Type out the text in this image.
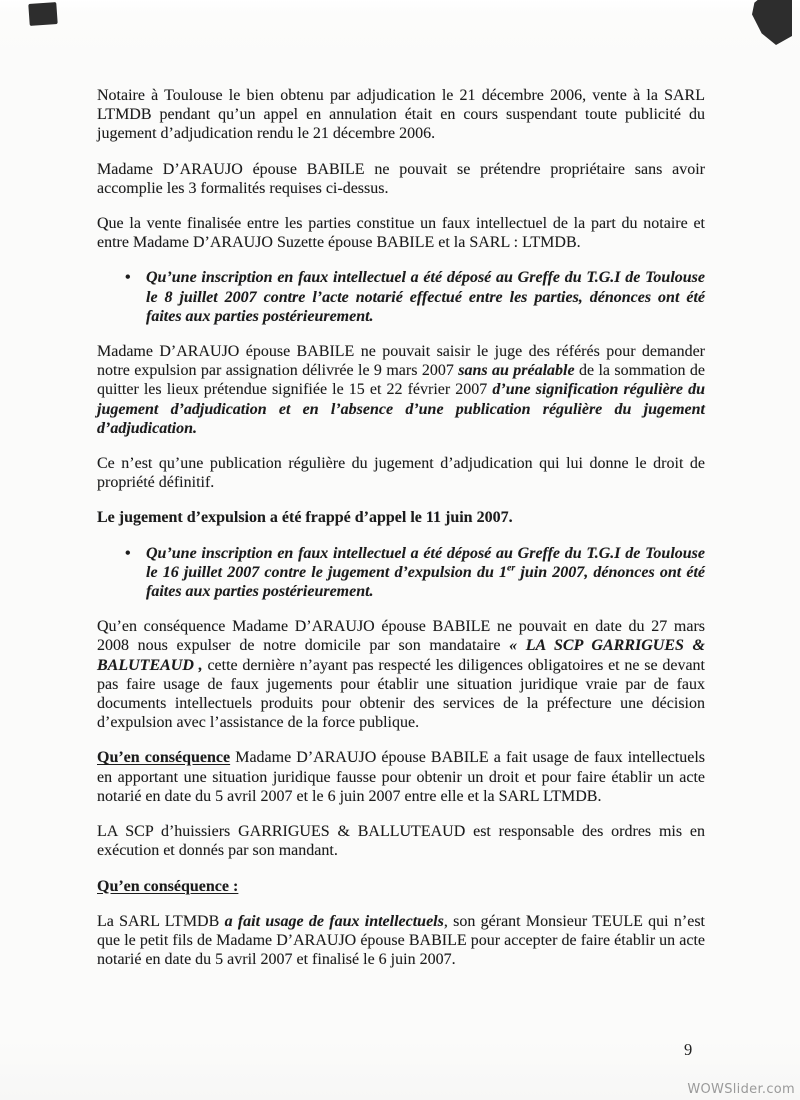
Notaire à Toulouse le bien obtenu par adjudication le 21 décembre 2006, vente à la SARL LTMDB pendant qu’un appel en annulation était en cours suspendant toute publicité du jugement d’adjudication rendu le 21 décembre 2006.
Madame D’ARAUJO épouse BABILE ne pouvait se prétendre propriétaire sans avoir accomplie les 3 formalités requises ci-dessus.
Que la vente finalisée entre les parties constitue un faux intellectuel de la part du notaire et entre Madame D’ARAUJO Suzette épouse BABILE et la SARL : LTMDB.
• Qu’une inscription en faux intellectuel a été déposé au Greffe du T.G.I de Toulouse le 8 juillet 2007 contre l’acte notarié effectué entre les parties, dénonces ont été faites aux parties postérieurement.
Madame D’ARAUJO épouse BABILE ne pouvait saisir le juge des référés pour demander notre expulsion par assignation délivrée le 9 mars 2007 sans au préalable de la sommation de quitter les lieux prétendue signifiée le 15 et 22 février 2007 d’une signification régulière du jugement d’adjudication et en l’absence d’une publication régulière du jugement d’adjudication.
Ce n’est qu’une publication régulière du jugement d’adjudication qui lui donne le droit de propriété définitif.
Le jugement d’expulsion a été frappé d’appel le 11 juin 2007.
• Qu’une inscription en faux intellectuel a été déposé au Greffe du T.G.I de Toulouse le 16 juillet 2007 contre le jugement d’expulsion du 1er juin 2007, dénonces ont été faites aux parties postérieurement.
Qu’en conséquence Madame D’ARAUJO épouse BABILE ne pouvait en date du 27 mars 2008 nous expulser de notre domicile par son mandataire « LA SCP GARRIGUES & BALUTEAUD , cette dernière n’ayant pas respecté les diligences obligatoires et ne se devant pas faire usage de faux jugements pour établir une situation juridique vraie par de faux documents intellectuels produits pour obtenir des services de la préfecture une décision d’expulsion avec l’assistance de la force publique.
Qu’en conséquence Madame D’ARAUJO épouse BABILE a fait usage de faux intellectuels en apportant une situation juridique fausse pour obtenir un droit et pour faire établir un acte notarié en date du 5 avril 2007 et le 6 juin 2007 entre elle et la SARL LTMDB.
LA SCP d’huissiers GARRIGUES & BALLUTEAUD est responsable des ordres mis en exécution et donnés par son mandant.
Qu’en conséquence :
La SARL LTMDB a fait usage de faux intellectuels, son gérant Monsieur TEULE qui n’est que le petit fils de Madame D’ARAUJO épouse BABILE pour accepter de faire établir un acte notarié en date du 5 avril 2007 et finalisé le 6 juin 2007.
9
WOWSlider.com
